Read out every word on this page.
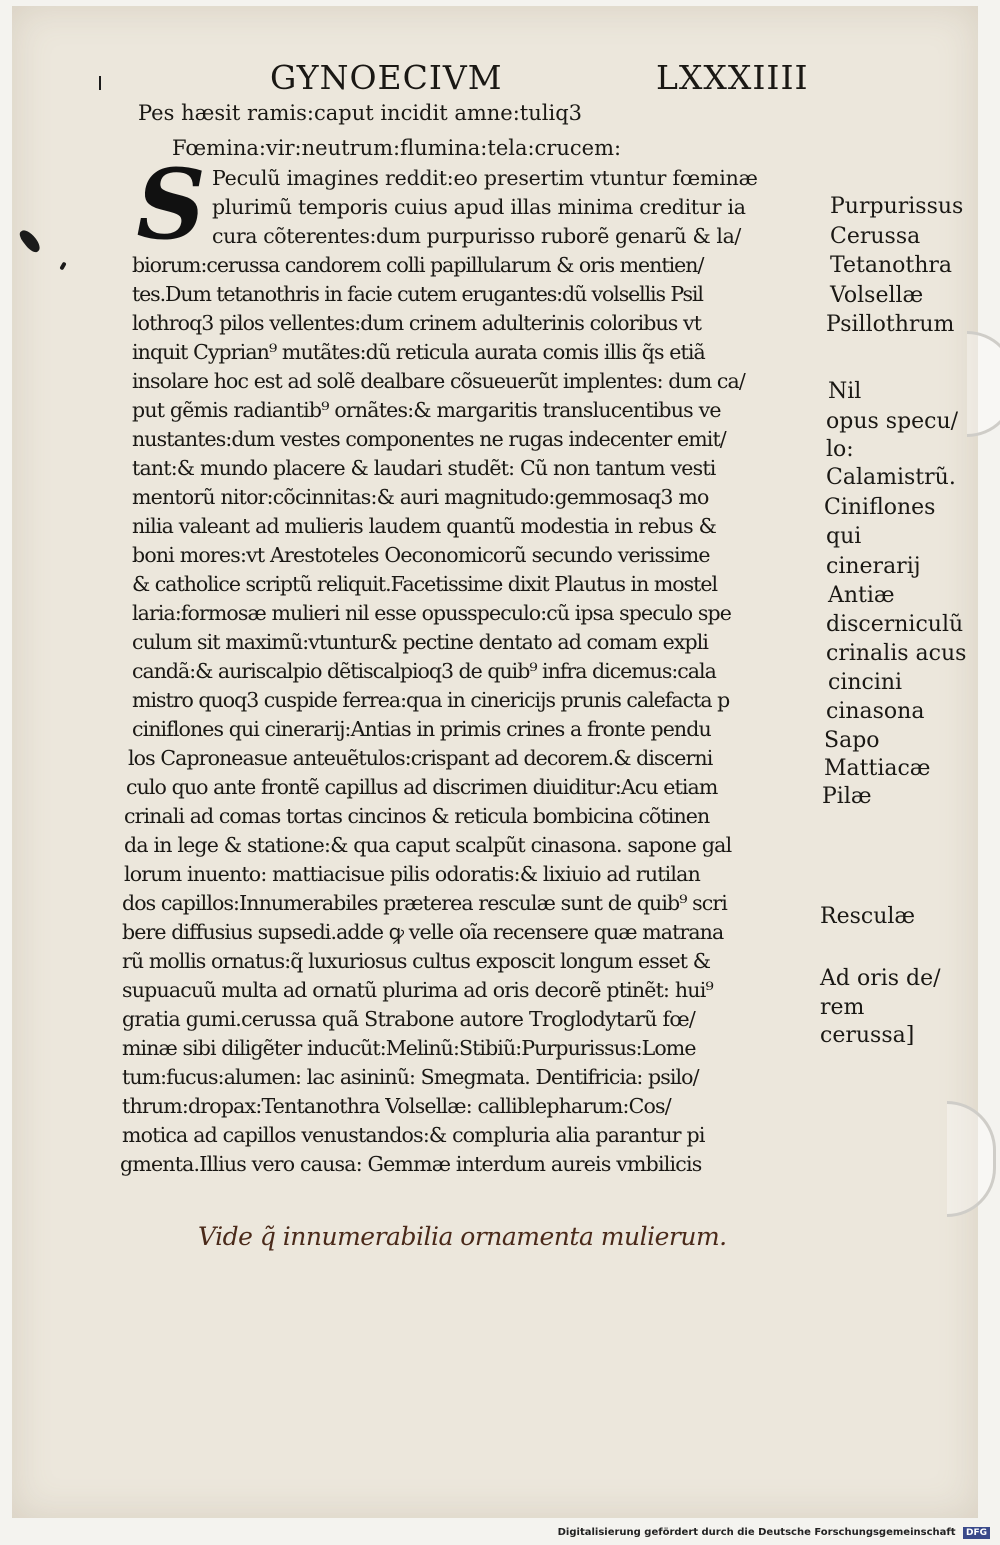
GYNOECIVM	LXXXIIII
Pes hæsit ramis:caput incidit amne:tuliq3
Fœmina:vir:neutrum:flumina:tela:crucem:
S Peculũ imagines reddit:eo presertim vtuntur fœminæ
plurimũ temporis cuius apud illas minima creditur ia
cura cõterentes:dum purpurisso ruborẽ genarũ & la/
biorum:cerussa candorem colli papillularum & oris mentien/
tes.Dum tetanothris in facie cutem erugantes:dũ volsellis Psil
lothroq3 pilos vellentes:dum crinem adulterinis coloribus vt
inquit Cyprian⁹ mutãtes:dũ reticula aurata comis illis q̃s etiã
insolare hoc est ad solẽ dealbare cõsueuerũt implentes: dum ca/
put gẽmis radiantib⁹ ornãtes:& margaritis translucentibus ve
nustantes:dum vestes componentes ne rugas indecenter emit/
tant:& mundo placere & laudari studẽt: Cũ non tantum vesti
mentorũ nitor:cõcinnitas:& auri magnitudo:gemmosaq3 mo
nilia valeant ad mulieris laudem quantũ modestia in rebus &
boni mores:vt Arestoteles Oeconomicorũ secundo verissime
& catholice scriptũ reliquit.Facetissime dixit Plautus in mostel
laria:formosæ mulieri nil esse opusspeculo:cũ ipsa speculo spe
culum sit maximũ:vtuntur& pectine dentato ad comam expli
candã:& auriscalpio dẽtiscalpioq3 de quib⁹ infra dicemus:cala
mistro quoq3 cuspide ferrea:qua in cinericijs prunis calefacta p
ciniflones qui cinerarij:Antias in primis crines a fronte pendu
los Caproneasue anteuẽtulos:crispant ad decorem.& discerni
culo quo ante frontẽ capillus ad discrimen diuiditur:Acu etiam
crinali ad comas tortas cincinos & reticula bombicina cõtinen
da in lege & statione:& qua caput scalpũt cinasona. sapone gal
lorum inuento: mattiacisue pilis odoratis:& lixiuio ad rutilan
dos capillos:Innumerabiles præterea resculæ sunt de quib⁹ scri
bere diffusius supsedi.adde ꝙ velle oĩa recensere quæ matrana
rũ mollis ornatus:q̃ luxuriosus cultus exposcit longum esset &
supuacuũ multa ad ornatũ plurima ad oris decorẽ ptinẽt: hui⁹
gratia gumi.cerussa quã Strabone autore Troglodytarũ fœ/
minæ sibi diligẽter inducũt:Melinũ:Stibiũ:Purpurissus:Lome
tum:fucus:alumen: lac asininũ: Smegmata. Dentifricia: psilo/
thrum:dropax:Tentanothra Volsellæ: calliblepharum:Cos/
motica ad capillos venustandos:& compluria alia parantur pi
gmenta.Illius vero causa: Gemmæ interdum aureis vmbilicis
Purpurissus
Cerussa
Tetanothra
Volsellæ
Psillothrum
Nil
opus specu/
lo:
Calamistrũ.
Ciniflones
qui
cinerarij
Antiæ
discerniculũ
crinalis acus
cincini
cinasona
Sapo
Mattiacæ
Pilæ
Resculæ
Ad oris de/
rem
cerussa]
Vide q̃ innumerabilia ornamenta mulierum.
Digitalisierung gefördert durch die Deutsche Forschungsgemeinschaft DFG
